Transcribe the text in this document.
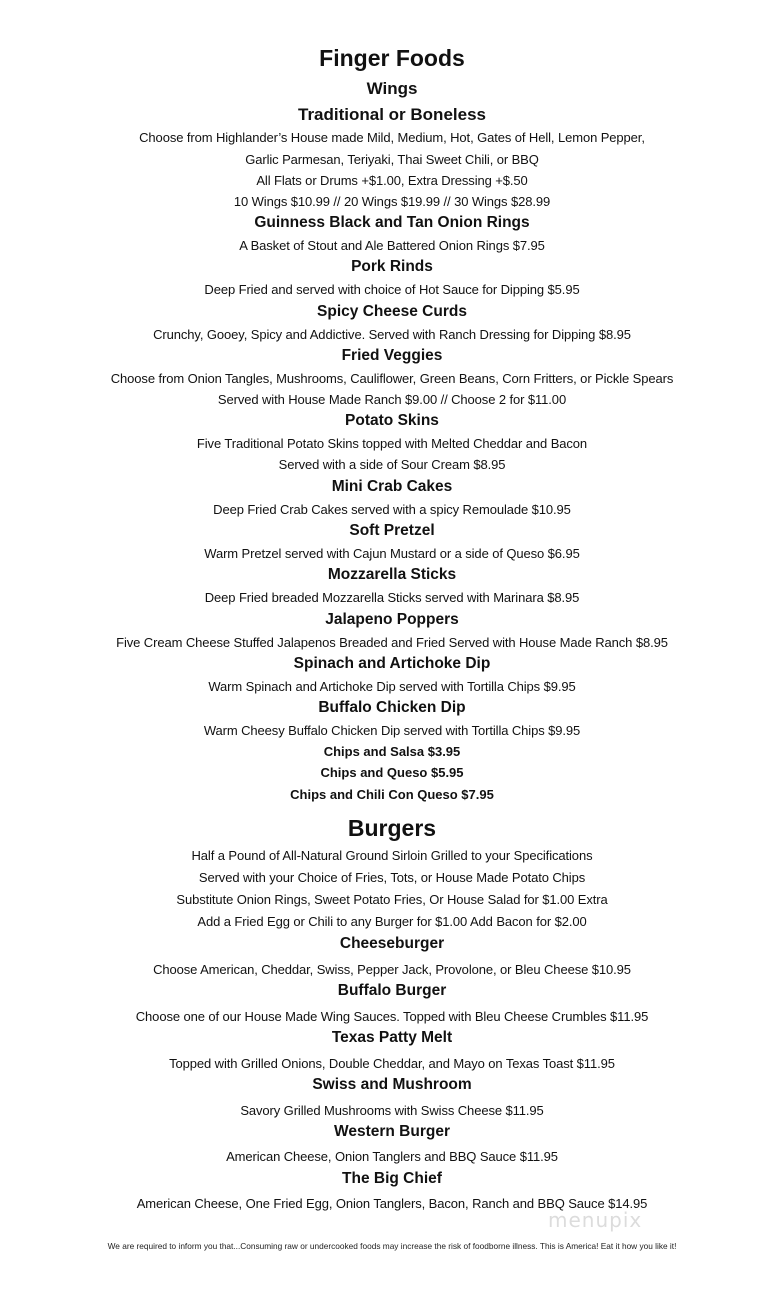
Finger Foods
Wings
Traditional or Boneless
Choose from Highlander’s House made Mild, Medium, Hot, Gates of Hell, Lemon Pepper,
Garlic Parmesan, Teriyaki, Thai Sweet Chili, or BBQ
All Flats or Drums +$1.00, Extra Dressing +$.50
10 Wings $10.99 // 20 Wings $19.99 // 30 Wings $28.99
Guinness Black and Tan Onion Rings
A Basket of Stout and Ale Battered Onion Rings $7.95
Pork Rinds
Deep Fried and served with choice of Hot Sauce for Dipping $5.95
Spicy Cheese Curds
Crunchy, Gooey, Spicy and Addictive. Served with Ranch Dressing for Dipping $8.95
Fried Veggies
Choose from Onion Tangles, Mushrooms, Cauliflower, Green Beans, Corn Fritters, or Pickle Spears
Served with House Made Ranch $9.00 // Choose 2 for $11.00
Potato Skins
Five Traditional Potato Skins topped with Melted Cheddar and Bacon
Served with a side of Sour Cream $8.95
Mini Crab Cakes
Deep Fried Crab Cakes served with a spicy Remoulade $10.95
Soft Pretzel
Warm Pretzel served with Cajun Mustard or a side of Queso $6.95
Mozzarella Sticks
Deep Fried breaded Mozzarella Sticks served with Marinara $8.95
Jalapeno Poppers
Five Cream Cheese Stuffed Jalapenos Breaded and Fried Served with House Made Ranch $8.95
Spinach and Artichoke Dip
Warm Spinach and Artichoke Dip served with Tortilla Chips $9.95
Buffalo Chicken Dip
Warm Cheesy Buffalo Chicken Dip served with Tortilla Chips $9.95
Chips and Salsa $3.95
Chips and Queso $5.95
Chips and Chili Con Queso $7.95
Burgers
Half a Pound of All-Natural Ground Sirloin Grilled to your Specifications
Served with your Choice of Fries, Tots, or House Made Potato Chips
Substitute Onion Rings, Sweet Potato Fries, Or House Salad for $1.00 Extra
Add a Fried Egg or Chili to any Burger for $1.00 Add Bacon for $2.00
Cheeseburger
Choose American, Cheddar, Swiss, Pepper Jack, Provolone, or Bleu Cheese $10.95
Buffalo Burger
Choose one of our House Made Wing Sauces. Topped with Bleu Cheese Crumbles $11.95
Texas Patty Melt
Topped with Grilled Onions, Double Cheddar, and Mayo on Texas Toast $11.95
Swiss and Mushroom
Savory Grilled Mushrooms with Swiss Cheese $11.95
Western Burger
American Cheese, Onion Tanglers and BBQ Sauce $11.95
The Big Chief
American Cheese, One Fried Egg, Onion Tanglers, Bacon, Ranch and BBQ Sauce $14.95
menupix
We are required to inform you that...Consuming raw or undercooked foods may increase the risk of foodborne illness. This is America! Eat it how you like it!
